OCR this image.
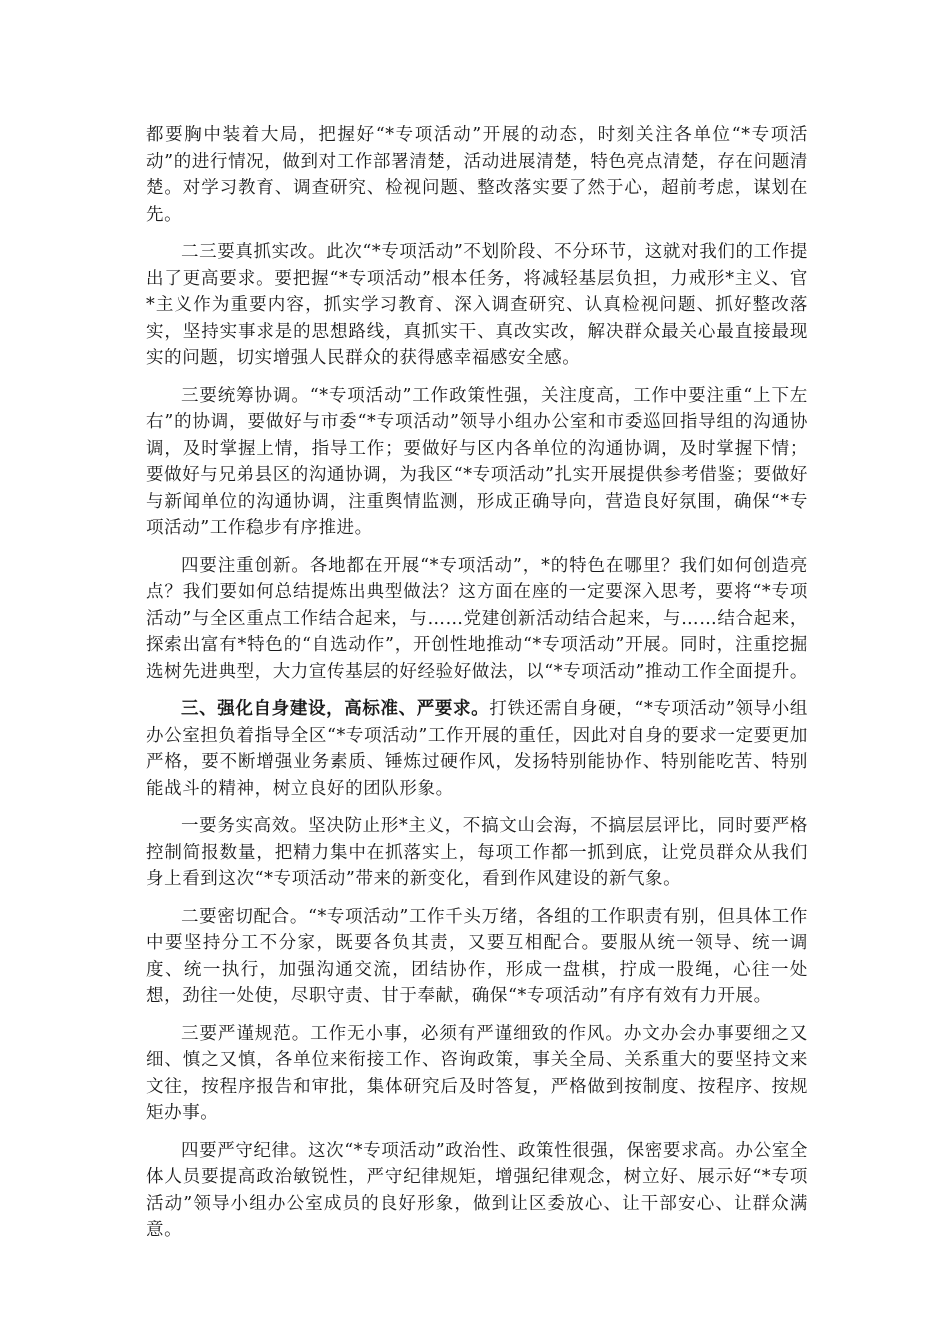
都要胸中装着大局，把握好“*专项活动”开展的动态，时刻关注各单位“*专项活动”的进行情况，做到对工作部署清楚，活动进展清楚，特色亮点清楚，存在问题清楚。对学习教育、调查研究、检视问题、整改落实要了然于心，超前考虑，谋划在先。

二三要真抓实改。此次“*专项活动”不划阶段、不分环节，这就对我们的工作提出了更高要求。要把握“*专项活动”根本任务，将减轻基层负担，力戒形*主义、官*主义作为重要内容，抓实学习教育、深入调查研究、认真检视问题、抓好整改落实，坚持实事求是的思想路线，真抓实干、真改实改，解决群众最关心最直接最现实的问题，切实增强人民群众的获得感幸福感安全感。

三要统筹协调。“*专项活动”工作政策性强，关注度高，工作中要注重“上下左右”的协调，要做好与市委“*专项活动”领导小组办公室和市委巡回指导组的沟通协调，及时掌握上情，指导工作；要做好与区内各单位的沟通协调，及时掌握下情；要做好与兄弟县区的沟通协调，为我区“*专项活动”扎实开展提供参考借鉴；要做好与新闻单位的沟通协调，注重舆情监测，形成正确导向，营造良好氛围，确保“*专项活动”工作稳步有序推进。

四要注重创新。各地都在开展“*专项活动”，*的特色在哪里？我们如何创造亮点？我们要如何总结提炼出典型做法？这方面在座的一定要深入思考，要将“*专项活动”与全区重点工作结合起来，与……党建创新活动结合起来，与……结合起来，探索出富有*特色的“自选动作”，开创性地推动“*专项活动”开展。同时，注重挖掘选树先进典型，大力宣传基层的好经验好做法，以“*专项活动”推动工作全面提升。

三、强化自身建设，高标准、严要求。打铁还需自身硬，“*专项活动”领导小组办公室担负着指导全区“*专项活动”工作开展的重任，因此对自身的要求一定要更加严格，要不断增强业务素质、锤炼过硬作风，发扬特别能协作、特别能吃苦、特别能战斗的精神，树立良好的团队形象。

一要务实高效。坚决防止形*主义，不搞文山会海，不搞层层评比，同时要严格控制简报数量，把精力集中在抓落实上，每项工作都一抓到底，让党员群众从我们身上看到这次“*专项活动”带来的新变化，看到作风建设的新气象。

二要密切配合。“*专项活动”工作千头万绪，各组的工作职责有别，但具体工作中要坚持分工不分家，既要各负其责，又要互相配合。要服从统一领导、统一调度、统一执行，加强沟通交流，团结协作，形成一盘棋，拧成一股绳，心往一处想，劲往一处使，尽职守责、甘于奉献，确保“*专项活动”有序有效有力开展。

三要严谨规范。工作无小事，必须有严谨细致的作风。办文办会办事要细之又细、慎之又慎，各单位来衔接工作、咨询政策，事关全局、关系重大的要坚持文来文往，按程序报告和审批，集体研究后及时答复，严格做到按制度、按程序、按规矩办事。

四要严守纪律。这次“*专项活动”政治性、政策性很强，保密要求高。办公室全体人员要提高政治敏锐性，严守纪律规矩，增强纪律观念，树立好、展示好“*专项活动”领导小组办公室成员的良好形象，做到让区委放心、让干部安心、让群众满意。
